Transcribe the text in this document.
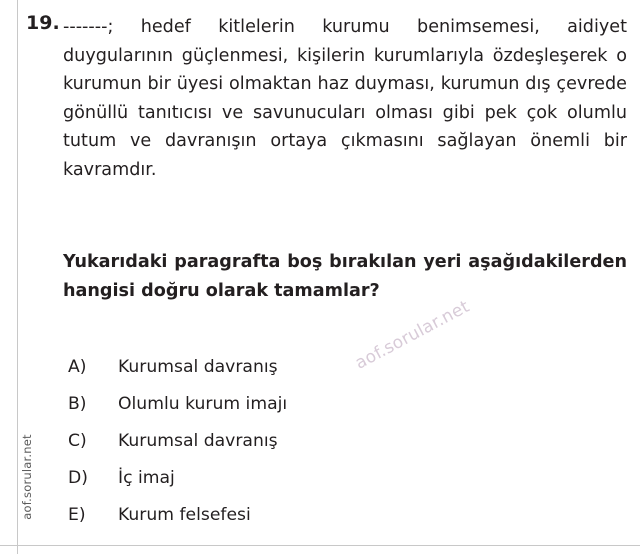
aof.sorular.net
19. -------; hedef kitlelerin kurumu benimsemesi, aidiyet duygularının güçlenmesi, kişilerin kurumlarıyla özdeşleşerek o kurumun bir üyesi olmaktan haz duyması, kurumun dış çevrede gönüllü tanıtıcısı ve savunucuları olması gibi pek çok olumlu tutum ve davranışın ortaya çıkmasını sağlayan önemli bir kavramdır.
Yukarıdaki paragrafta boş bırakılan yeri aşağıdakilerden hangisi doğru olarak tamamlar?
A)	Kurumsal davranış
B)	Olumlu kurum imajı
C)	Kurumsal davranış
D)	İç imaj
E)	Kurum felsefesi
aof.sorular.net
